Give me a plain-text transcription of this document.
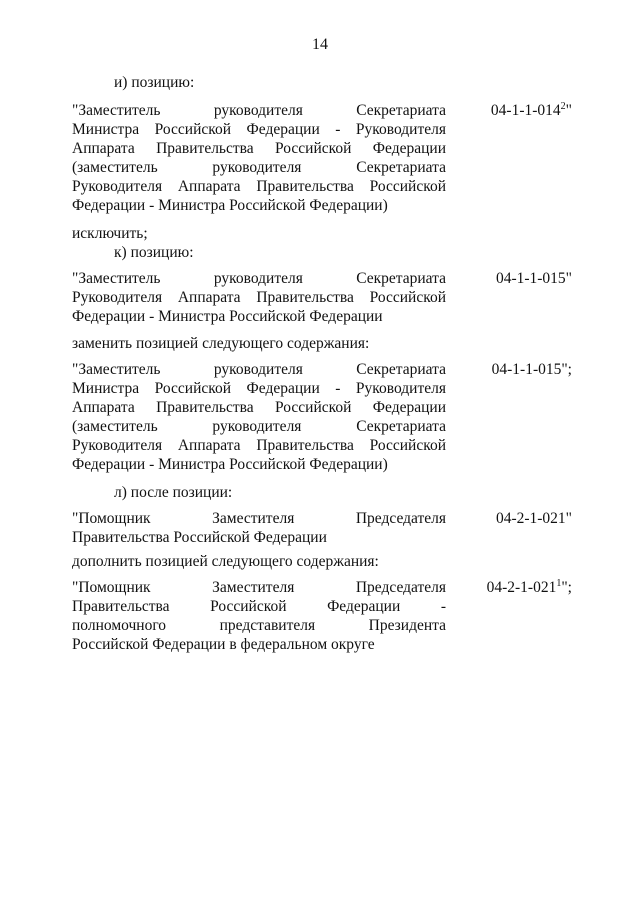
14
и) позицию:
"Заместитель руководителя Секретариата
Министра Российской Федерации - Руководителя
Аппарата Правительства Российской Федерации
(заместитель руководителя Секретариата
Руководителя Аппарата Правительства Российской
Федерации - Министра Российской Федерации)
$04-1-1-014^2$"
исключить;
к) позицию:
"Заместитель руководителя Секретариата
Руководителя Аппарата Правительства Российской
Федерации - Министра Российской Федерации
04-1-1-015"
заменить позицией следующего содержания:
"Заместитель руководителя Секретариата
Министра Российской Федерации - Руководителя
Аппарата Правительства Российской Федерации
(заместитель руководителя Секретариата
Руководителя Аппарата Правительства Российской
Федерации - Министра Российской Федерации)
04-1-1-015";
л) после позиции:
"Помощник Заместителя Председателя
Правительства Российской Федерации
04-2-1-021"
дополнить позицией следующего содержания:
"Помощник Заместителя Председателя
Правительства Российской Федерации -
полномочного представителя Президента
Российской Федерации в федеральном округе
$04-2-1-021^1$";
